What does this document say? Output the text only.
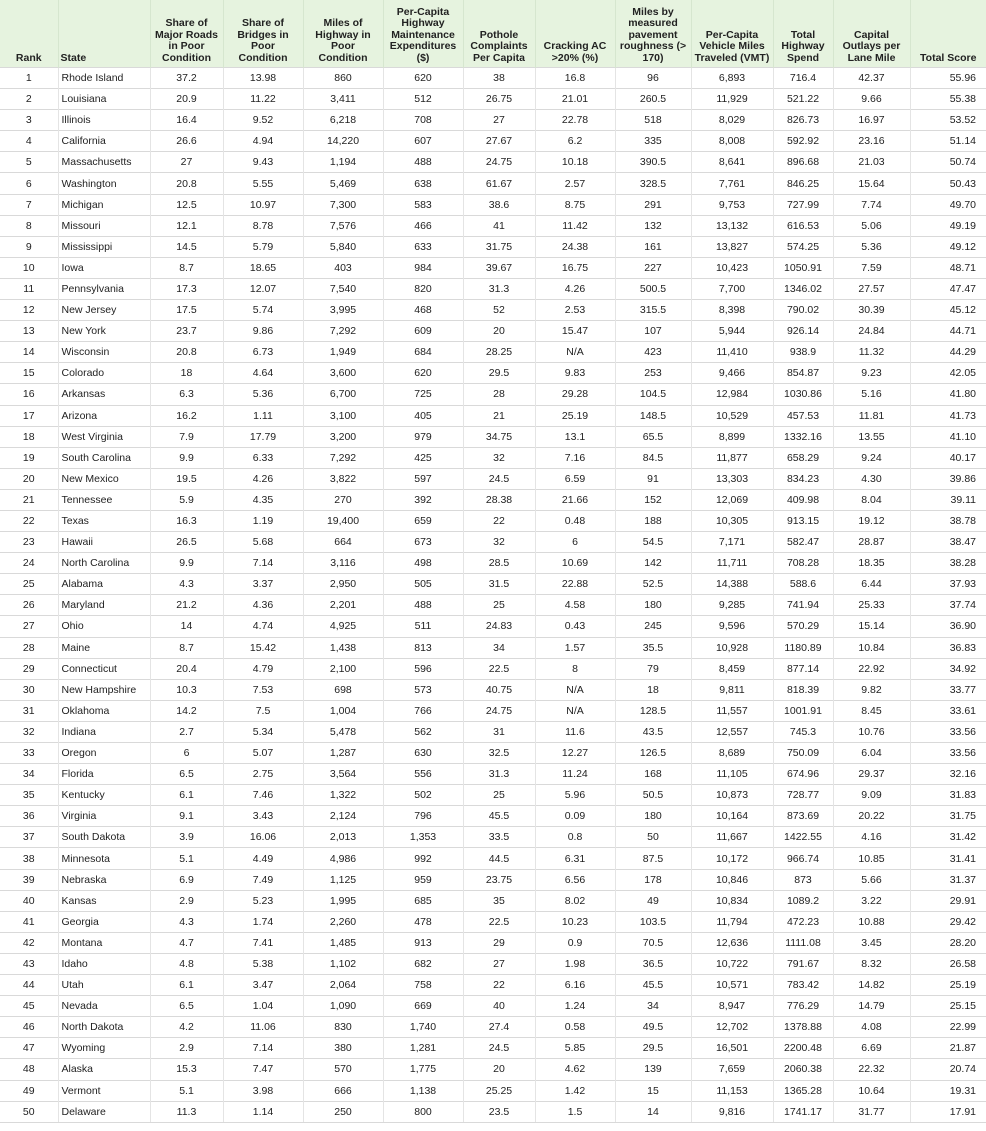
Rank	State	Share of Major Roads in Poor Condition	Share of Bridges in Poor Condition	Miles of Highway in Poor Condition	Per-Capita Highway Maintenance Expenditures ($)	Pothole Complaints Per Capita	Cracking AC >20% (%)	Miles by measured pavement roughness (> 170)	Per-Capita Vehicle Miles Traveled (VMT)	Total Highway Spend	Capital Outlays per Lane Mile	Total Score
1	Rhode Island	37.2	13.98	860	620	38	16.8	96	6,893	716.4	42.37	55.96
2	Louisiana	20.9	11.22	3,411	512	26.75	21.01	260.5	11,929	521.22	9.66	55.38
3	Illinois	16.4	9.52	6,218	708	27	22.78	518	8,029	826.73	16.97	53.52
4	California	26.6	4.94	14,220	607	27.67	6.2	335	8,008	592.92	23.16	51.14
5	Massachusetts	27	9.43	1,194	488	24.75	10.18	390.5	8,641	896.68	21.03	50.74
6	Washington	20.8	5.55	5,469	638	61.67	2.57	328.5	7,761	846.25	15.64	50.43
7	Michigan	12.5	10.97	7,300	583	38.6	8.75	291	9,753	727.99	7.74	49.70
8	Missouri	12.1	8.78	7,576	466	41	11.42	132	13,132	616.53	5.06	49.19
9	Mississippi	14.5	5.79	5,840	633	31.75	24.38	161	13,827	574.25	5.36	49.12
10	Iowa	8.7	18.65	403	984	39.67	16.75	227	10,423	1050.91	7.59	48.71
11	Pennsylvania	17.3	12.07	7,540	820	31.3	4.26	500.5	7,700	1346.02	27.57	47.47
12	New Jersey	17.5	5.74	3,995	468	52	2.53	315.5	8,398	790.02	30.39	45.12
13	New York	23.7	9.86	7,292	609	20	15.47	107	5,944	926.14	24.84	44.71
14	Wisconsin	20.8	6.73	1,949	684	28.25	N/A	423	11,410	938.9	11.32	44.29
15	Colorado	18	4.64	3,600	620	29.5	9.83	253	9,466	854.87	9.23	42.05
16	Arkansas	6.3	5.36	6,700	725	28	29.28	104.5	12,984	1030.86	5.16	41.80
17	Arizona	16.2	1.11	3,100	405	21	25.19	148.5	10,529	457.53	11.81	41.73
18	West Virginia	7.9	17.79	3,200	979	34.75	13.1	65.5	8,899	1332.16	13.55	41.10
19	South Carolina	9.9	6.33	7,292	425	32	7.16	84.5	11,877	658.29	9.24	40.17
20	New Mexico	19.5	4.26	3,822	597	24.5	6.59	91	13,303	834.23	4.30	39.86
21	Tennessee	5.9	4.35	270	392	28.38	21.66	152	12,069	409.98	8.04	39.11
22	Texas	16.3	1.19	19,400	659	22	0.48	188	10,305	913.15	19.12	38.78
23	Hawaii	26.5	5.68	664	673	32	6	54.5	7,171	582.47	28.87	38.47
24	North Carolina	9.9	7.14	3,116	498	28.5	10.69	142	11,711	708.28	18.35	38.28
25	Alabama	4.3	3.37	2,950	505	31.5	22.88	52.5	14,388	588.6	6.44	37.93
26	Maryland	21.2	4.36	2,201	488	25	4.58	180	9,285	741.94	25.33	37.74
27	Ohio	14	4.74	4,925	511	24.83	0.43	245	9,596	570.29	15.14	36.90
28	Maine	8.7	15.42	1,438	813	34	1.57	35.5	10,928	1180.89	10.84	36.83
29	Connecticut	20.4	4.79	2,100	596	22.5	8	79	8,459	877.14	22.92	34.92
30	New Hampshire	10.3	7.53	698	573	40.75	N/A	18	9,811	818.39	9.82	33.77
31	Oklahoma	14.2	7.5	1,004	766	24.75	N/A	128.5	11,557	1001.91	8.45	33.61
32	Indiana	2.7	5.34	5,478	562	31	11.6	43.5	12,557	745.3	10.76	33.56
33	Oregon	6	5.07	1,287	630	32.5	12.27	126.5	8,689	750.09	6.04	33.56
34	Florida	6.5	2.75	3,564	556	31.3	11.24	168	11,105	674.96	29.37	32.16
35	Kentucky	6.1	7.46	1,322	502	25	5.96	50.5	10,873	728.77	9.09	31.83
36	Virginia	9.1	3.43	2,124	796	45.5	0.09	180	10,164	873.69	20.22	31.75
37	South Dakota	3.9	16.06	2,013	1,353	33.5	0.8	50	11,667	1422.55	4.16	31.42
38	Minnesota	5.1	4.49	4,986	992	44.5	6.31	87.5	10,172	966.74	10.85	31.41
39	Nebraska	6.9	7.49	1,125	959	23.75	6.56	178	10,846	873	5.66	31.37
40	Kansas	2.9	5.23	1,995	685	35	8.02	49	10,834	1089.2	3.22	29.91
41	Georgia	4.3	1.74	2,260	478	22.5	10.23	103.5	11,794	472.23	10.88	29.42
42	Montana	4.7	7.41	1,485	913	29	0.9	70.5	12,636	1111.08	3.45	28.20
43	Idaho	4.8	5.38	1,102	682	27	1.98	36.5	10,722	791.67	8.32	26.58
44	Utah	6.1	3.47	2,064	758	22	6.16	45.5	10,571	783.42	14.82	25.19
45	Nevada	6.5	1.04	1,090	669	40	1.24	34	8,947	776.29	14.79	25.15
46	North Dakota	4.2	11.06	830	1,740	27.4	0.58	49.5	12,702	1378.88	4.08	22.99
47	Wyoming	2.9	7.14	380	1,281	24.5	5.85	29.5	16,501	2200.48	6.69	21.87
48	Alaska	15.3	7.47	570	1,775	20	4.62	139	7,659	2060.38	22.32	20.74
49	Vermont	5.1	3.98	666	1,138	25.25	1.42	15	11,153	1365.28	10.64	19.31
50	Delaware	11.3	1.14	250	800	23.5	1.5	14	9,816	1741.17	31.77	17.91
